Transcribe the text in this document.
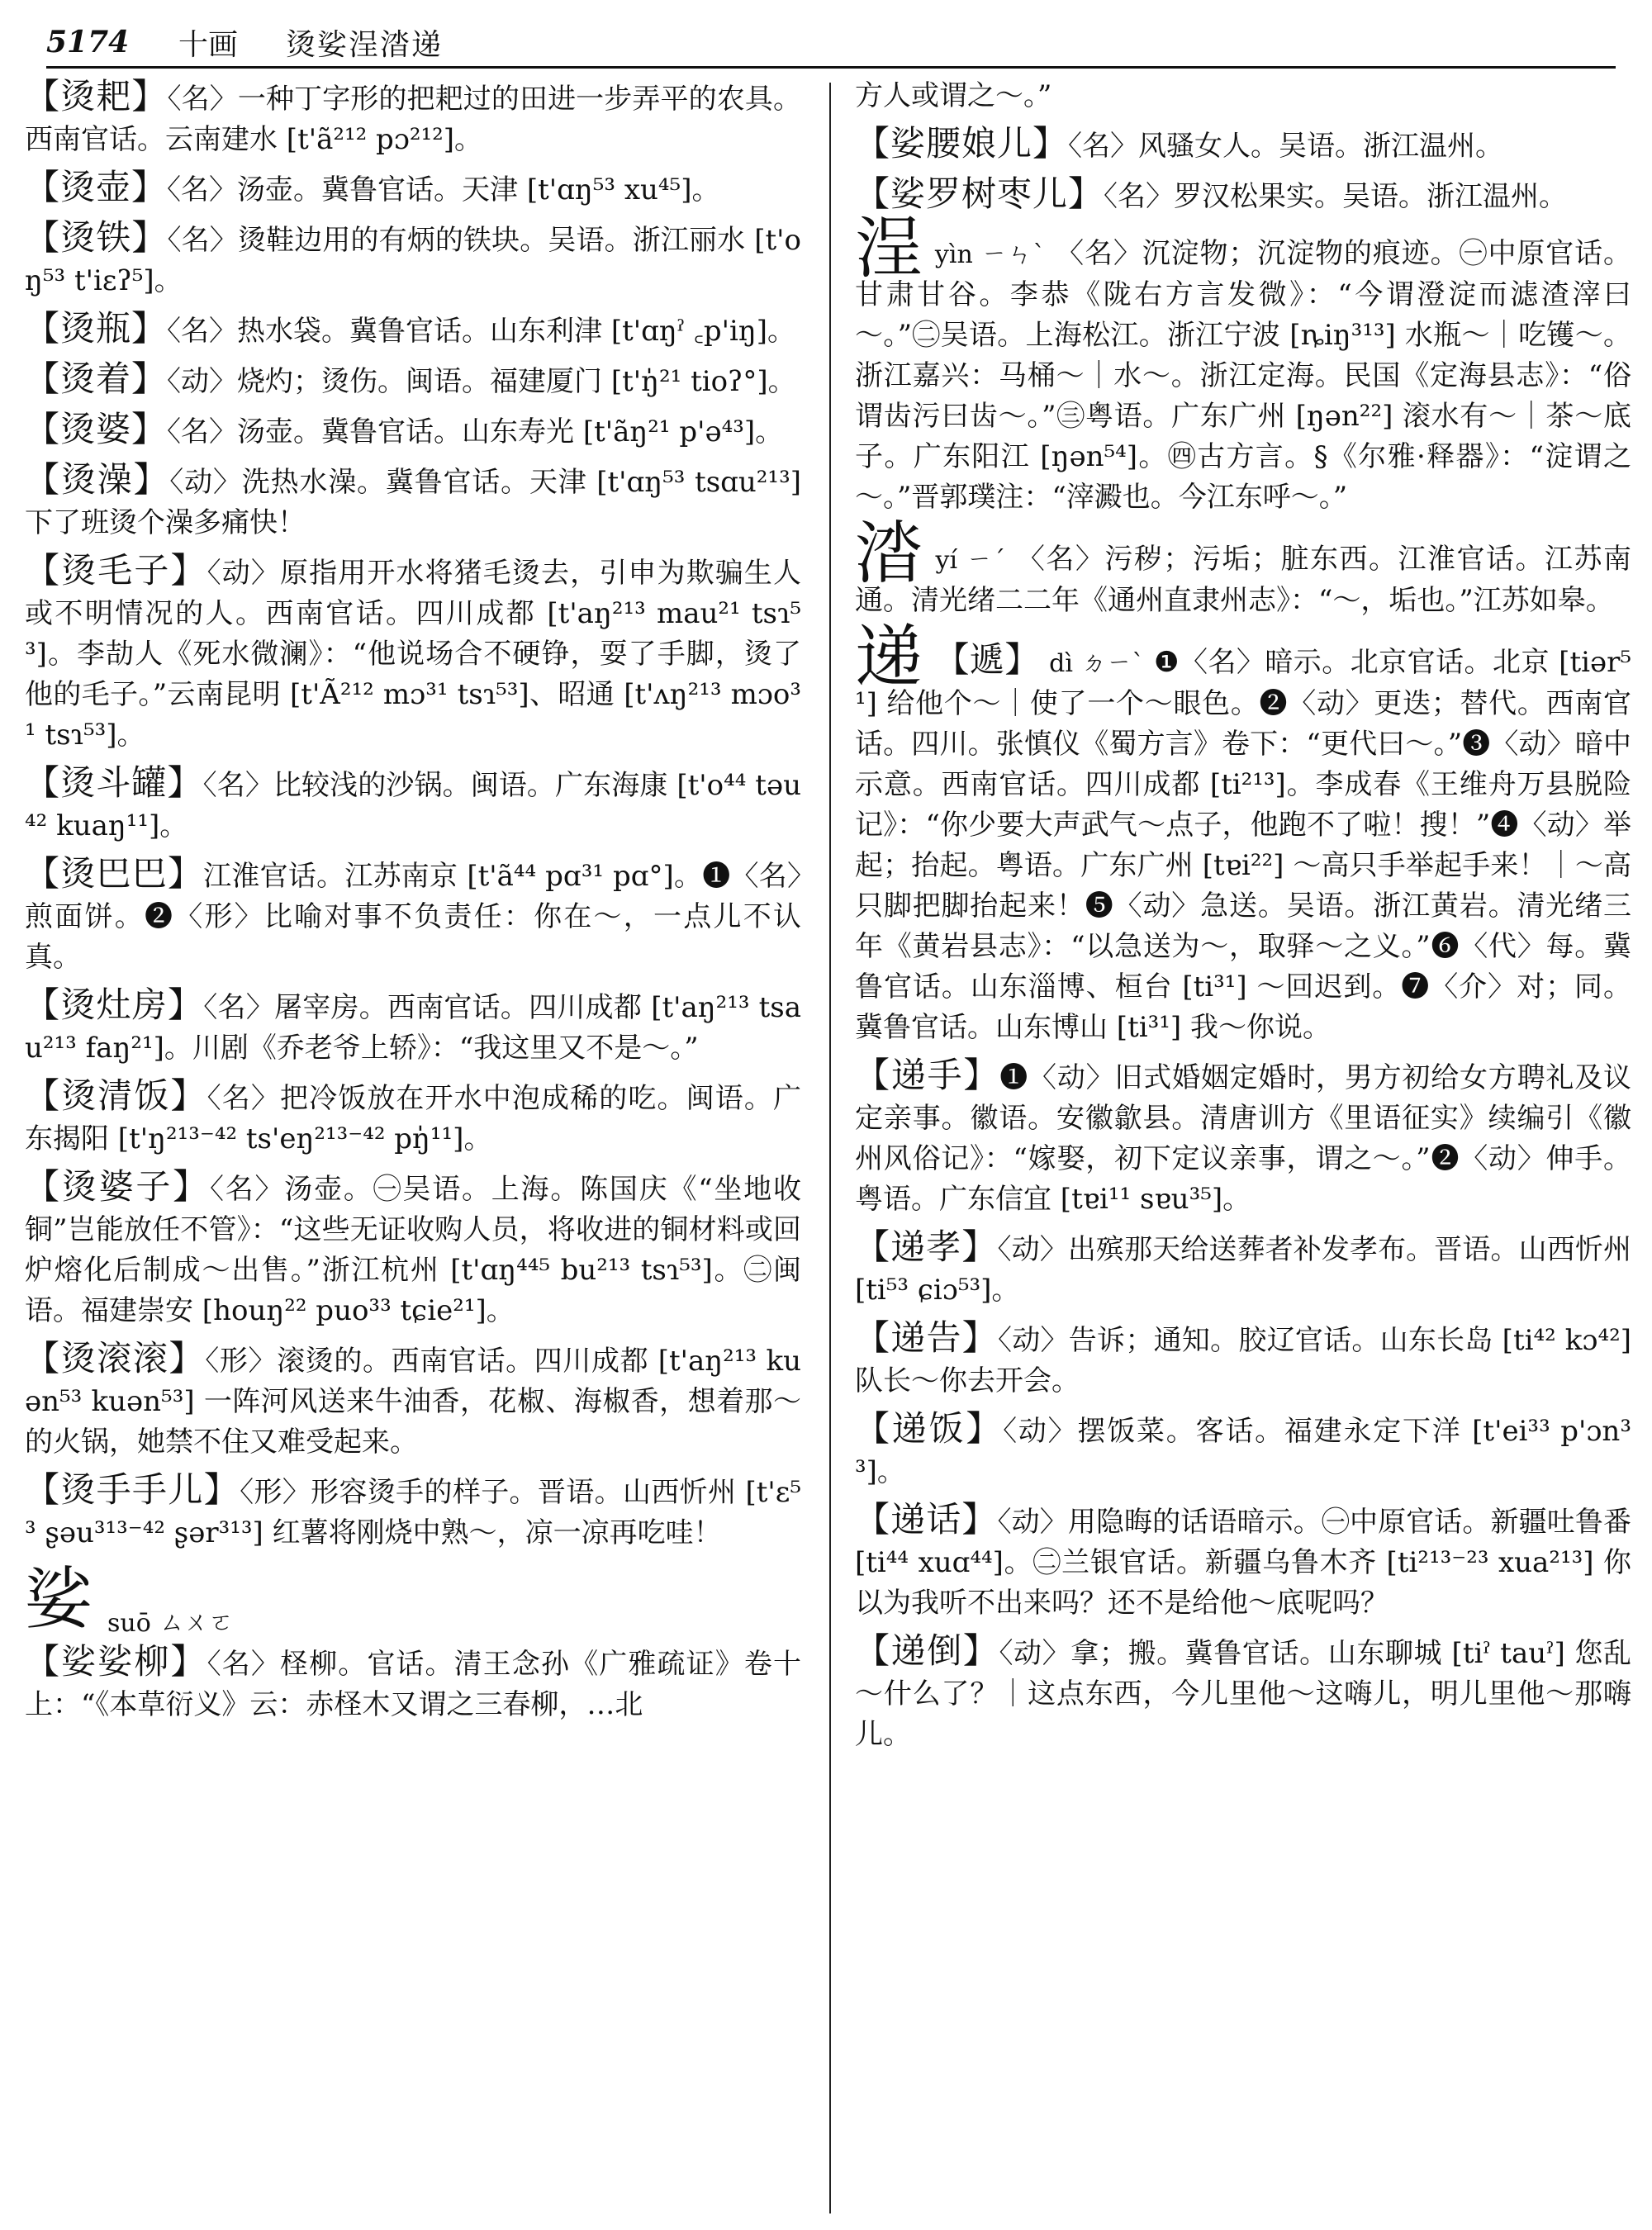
5174	十画	烫娑浧涾递
【 烫耙 】 〈名〉一种丁字形的把耙过的田进一步弄平的农具。西南官话。云南建水 [t'ã²¹² pɔ²¹²]。
【 烫壶 】 〈名〉汤壶。冀鲁官话。天津 [t'ɑŋ⁵³ xu⁴⁵]。
【 烫铁 】 〈名〉烫鞋边用的有炳的铁块。吴语。浙江丽水 [t'oŋ⁵³ t'iɛʔ⁵]。
【 烫瓶 】 〈名〉热水袋。冀鲁官话。山东利津 [t'ɑŋˀ ꜀p'iŋ]。
【 烫着 】 〈动〉烧灼；烫伤。闽语。福建厦门 [t'ŋ̍²¹ tioʔ°]。
【 烫婆 】 〈名〉汤壶。冀鲁官话。山东寿光 [t'ãŋ²¹ p'ə⁴³]。
【 烫澡 】 〈动〉洗热水澡。冀鲁官话。天津 [t'ɑŋ⁵³ tsɑu²¹³] 下了班烫个澡多痛快！
【 烫毛子 】 〈动〉原指用开水将猪毛烫去，引申为欺骗生人或不明情况的人。西南官话。四川成都 [t'aŋ²¹³ mau²¹ tsɿ⁵³]。李劼人《死水微澜》：“他说场合不硬铮，耍了手脚，烫了他的毛子。”云南昆明 [t'Ã²¹² mɔ³¹ tsɿ⁵³]、昭通 [t'ʌŋ²¹³ mɔo³¹ tsɿ⁵³]。
【 烫斗罐 】 〈名〉比较浅的沙锅。闽语。广东海康 [t'o⁴⁴ təu⁴² kuaŋ¹¹]。
【 烫巴巴 】 江淮官话。江苏南京 [t'ã⁴⁴ pɑ³¹ pɑ°]。❶〈名〉煎面饼。❷〈形〉比喻对事不负责任：你在～，一点儿不认真。
【 烫灶房 】 〈名〉屠宰房。西南官话。四川成都 [t'aŋ²¹³ tsau²¹³ faŋ²¹]。川剧《乔老爷上轿》：“我这里又不是～。”
【 烫清饭 】 〈名〉把冷饭放在开水中泡成稀的吃。闽语。广东揭阳 [t'ŋ²¹³⁻⁴² ts'eŋ²¹³⁻⁴² pŋ̍¹¹]。
【 烫婆子 】 〈名〉汤壶。㊀吴语。上海。陈国庆《“坐地收铜”岂能放任不管》：“这些无证收购人员，将收进的铜材料或回炉熔化后制成～出售。”浙江杭州 [t'ɑŋ⁴⁴⁵ bu²¹³ tsɿ⁵³]。㊁闽语。福建崇安 [houŋ²² puo³³ tɕie²¹]。
【 烫滚滚 】 〈形〉滚烫的。西南官话。四川成都 [t'aŋ²¹³ kuən⁵³ kuən⁵³] 一阵河风送来牛油香，花椒、海椒香，想着那～的火锅，她禁不住又难受起来。
【 烫手手儿 】 〈形〉形容烫手的样子。晋语。山西忻州 [t'ɛ⁵³ ʂəu³¹³⁻⁴² ʂər³¹³] 红薯将刚烧中熟～，凉一凉再吃哇！
娑 suō ㄙㄨㄛ
【 娑娑柳 】 〈名〉柽柳。官话。清王念孙《广雅疏证》卷十上：“《本草衍义》云：赤柽木又谓之三春柳，…北
方人或谓之～。”
【 娑腰娘儿 】 〈名〉风骚女人。吴语。浙江温州。
【 娑罗树枣儿 】 〈名〉罗汉松果实。吴语。浙江温州。
浧yìn ㄧㄣˋ 〈名〉沉淀物；沉淀物的痕迹。㊀中原官话。甘肃甘谷。李恭《陇右方言发微》：“今谓澄淀而滤渣滓曰～。”㊁吴语。上海松江。浙江宁波 [ȵiŋ³¹³] 水瓶～｜吃镬～。浙江嘉兴：马桶～｜水～。浙江定海。民国《定海县志》：“俗谓齿污曰齿～。”㊂粤语。广东广州 [ŋən²²] 滚水有～｜茶～底子。广东阳江 [ŋən⁵⁴]。㊃古方言。§《尔雅·释器》：“淀谓之～。”晋郭璞注：“滓澱也。今江东呼～。”
涾yí ㄧˊ 〈名〉污秽；污垢；脏东西。江淮官话。江苏南通。清光绪二二年《通州直隶州志》：“～，垢也。”江苏如皋。
递【 遞 】 dì ㄉㄧˋ ❶〈名〉暗示。北京官话。北京 [tiər⁵¹] 给他个～｜使了一个～眼色。❷〈动〉更迭；替代。西南官话。四川。张慎仪《蜀方言》卷下：“更代曰～。”❸〈动〉暗中示意。西南官话。四川成都 [ti²¹³]。李成春《王维舟万县脱险记》：“你少要大声武气～点子，他跑不了啦！搜！”❹〈动〉举起；抬起。粤语。广东广州 [tɐi²²] ～高只手举起手来！｜～高只脚把脚抬起来！❺〈动〉急送。吴语。浙江黄岩。清光绪三年《黄岩县志》：“以急送为～，取驿～之义。”❻〈代〉每。冀鲁官话。山东淄博、桓台 [ti³¹] ～回迟到。❼〈介〉对；同。冀鲁官话。山东博山 [ti³¹] 我～你说。
【 递手 】 ❶〈动〉旧式婚姻定婚时，男方初给女方聘礼及议定亲事。徽语。安徽歙县。清唐训方《里语征实》续编引《徽州风俗记》：“嫁娶，初下定议亲事，谓之～。”❷〈动〉伸手。粤语。广东信宜 [tɐi¹¹ sɐu³⁵]。
【 递孝 】 〈动〉出殡那天给送葬者补发孝布。晋语。山西忻州 [ti⁵³ ɕiɔ⁵³]。
【 递告 】 〈动〉告诉；通知。胶辽官话。山东长岛 [ti⁴² kɔ⁴²] 队长～你去开会。
【 递饭 】 〈动〉摆饭菜。客话。福建永定下洋 [t'ei³³ p'ɔn³³]。
【 递话 】 〈动〉用隐晦的话语暗示。㊀中原官话。新疆吐鲁番 [ti⁴⁴ xuɑ⁴⁴]。㊁兰银官话。新疆乌鲁木齐 [ti²¹³⁻²³ xua²¹³] 你以为我听不出来吗？还不是给他～底呢吗？
【 递倒 】 〈动〉拿；搬。冀鲁官话。山东聊城 [tiˀ tauˀ] 您乱～什么了？｜这点东西，今儿里他～这嗨儿，明儿里他～那嗨儿。
